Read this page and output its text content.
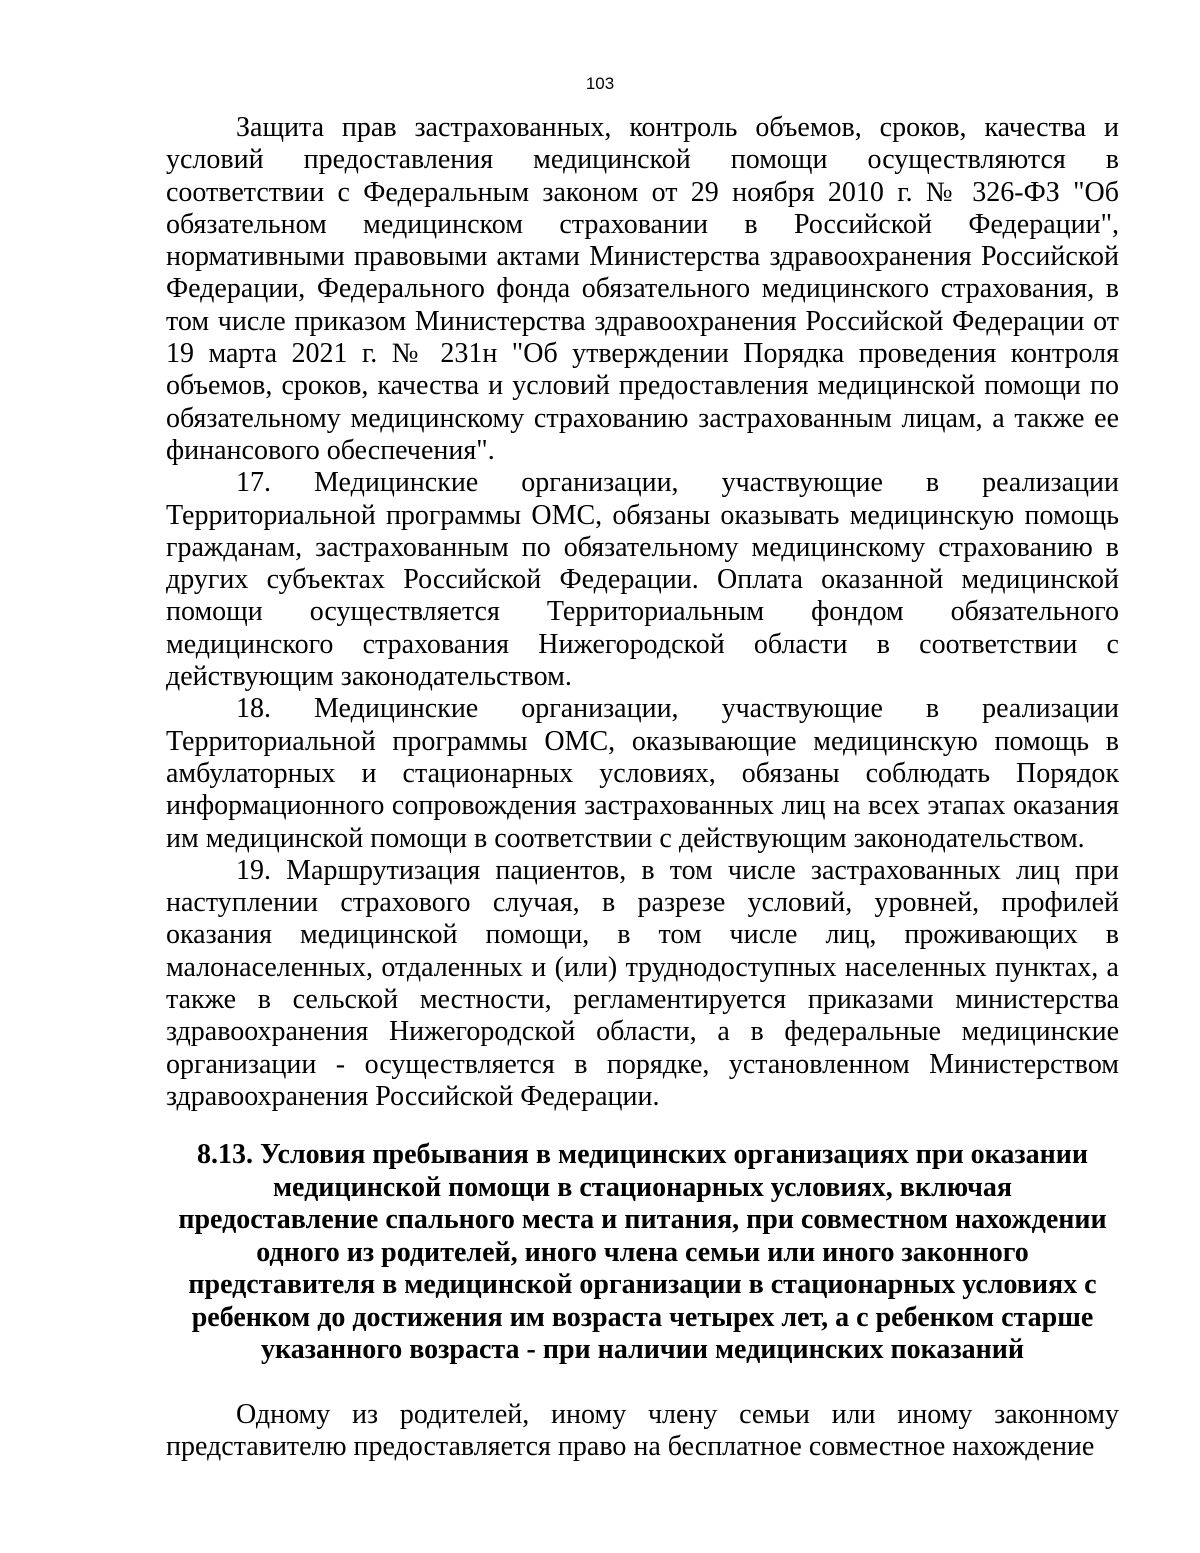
103

Защита прав застрахованных, контроль объемов, сроков, качества и условий предоставления медицинской помощи осуществляются в соответствии с Федеральным законом от 29 ноября 2010 г. № 326-ФЗ "Об обязательном медицинском страховании в Российской Федерации", нормативными правовыми актами Министерства здравоохранения Российской Федерации, Федерального фонда обязательного медицинского страхования, в том числе приказом Министерства здравоохранения Российской Федерации от 19 марта 2021 г. № 231н "Об утверждении Порядка проведения контроля объемов, сроков, качества и условий предоставления медицинской помощи по обязательному медицинскому страхованию застрахованным лицам, а также ее финансового обеспечения".

17. Медицинские организации, участвующие в реализации Территориальной программы ОМС, обязаны оказывать медицинскую помощь гражданам, застрахованным по обязательному медицинскому страхованию в других субъектах Российской Федерации. Оплата оказанной медицинской помощи осуществляется Территориальным фондом обязательного медицинского страхования Нижегородской области в соответствии с действующим законодательством.

18. Медицинские организации, участвующие в реализации Территориальной программы ОМС, оказывающие медицинскую помощь в амбулаторных и стационарных условиях, обязаны соблюдать Порядок информационного сопровождения застрахованных лиц на всех этапах оказания им медицинской помощи в соответствии с действующим законодательством.

19. Маршрутизация пациентов, в том числе застрахованных лиц при наступлении страхового случая, в разрезе условий, уровней, профилей оказания медицинской помощи, в том числе лиц, проживающих в малонаселенных, отдаленных и (или) труднодоступных населенных пунктах, а также в сельской местности, регламентируется приказами министерства здравоохранения Нижегородской области, а в федеральные медицинские организации - осуществляется в порядке, установленном Министерством здравоохранения Российской Федерации.

8.13. Условия пребывания в медицинских организациях при оказании медицинской помощи в стационарных условиях, включая предоставление спального места и питания, при совместном нахождении одного из родителей, иного члена семьи или иного законного представителя в медицинской организации в стационарных условиях с ребенком до достижения им возраста четырех лет, а с ребенком старше указанного возраста - при наличии медицинских показаний

Одному из родителей, иному члену семьи или иному законному представителю предоставляется право на бесплатное совместное нахождение
